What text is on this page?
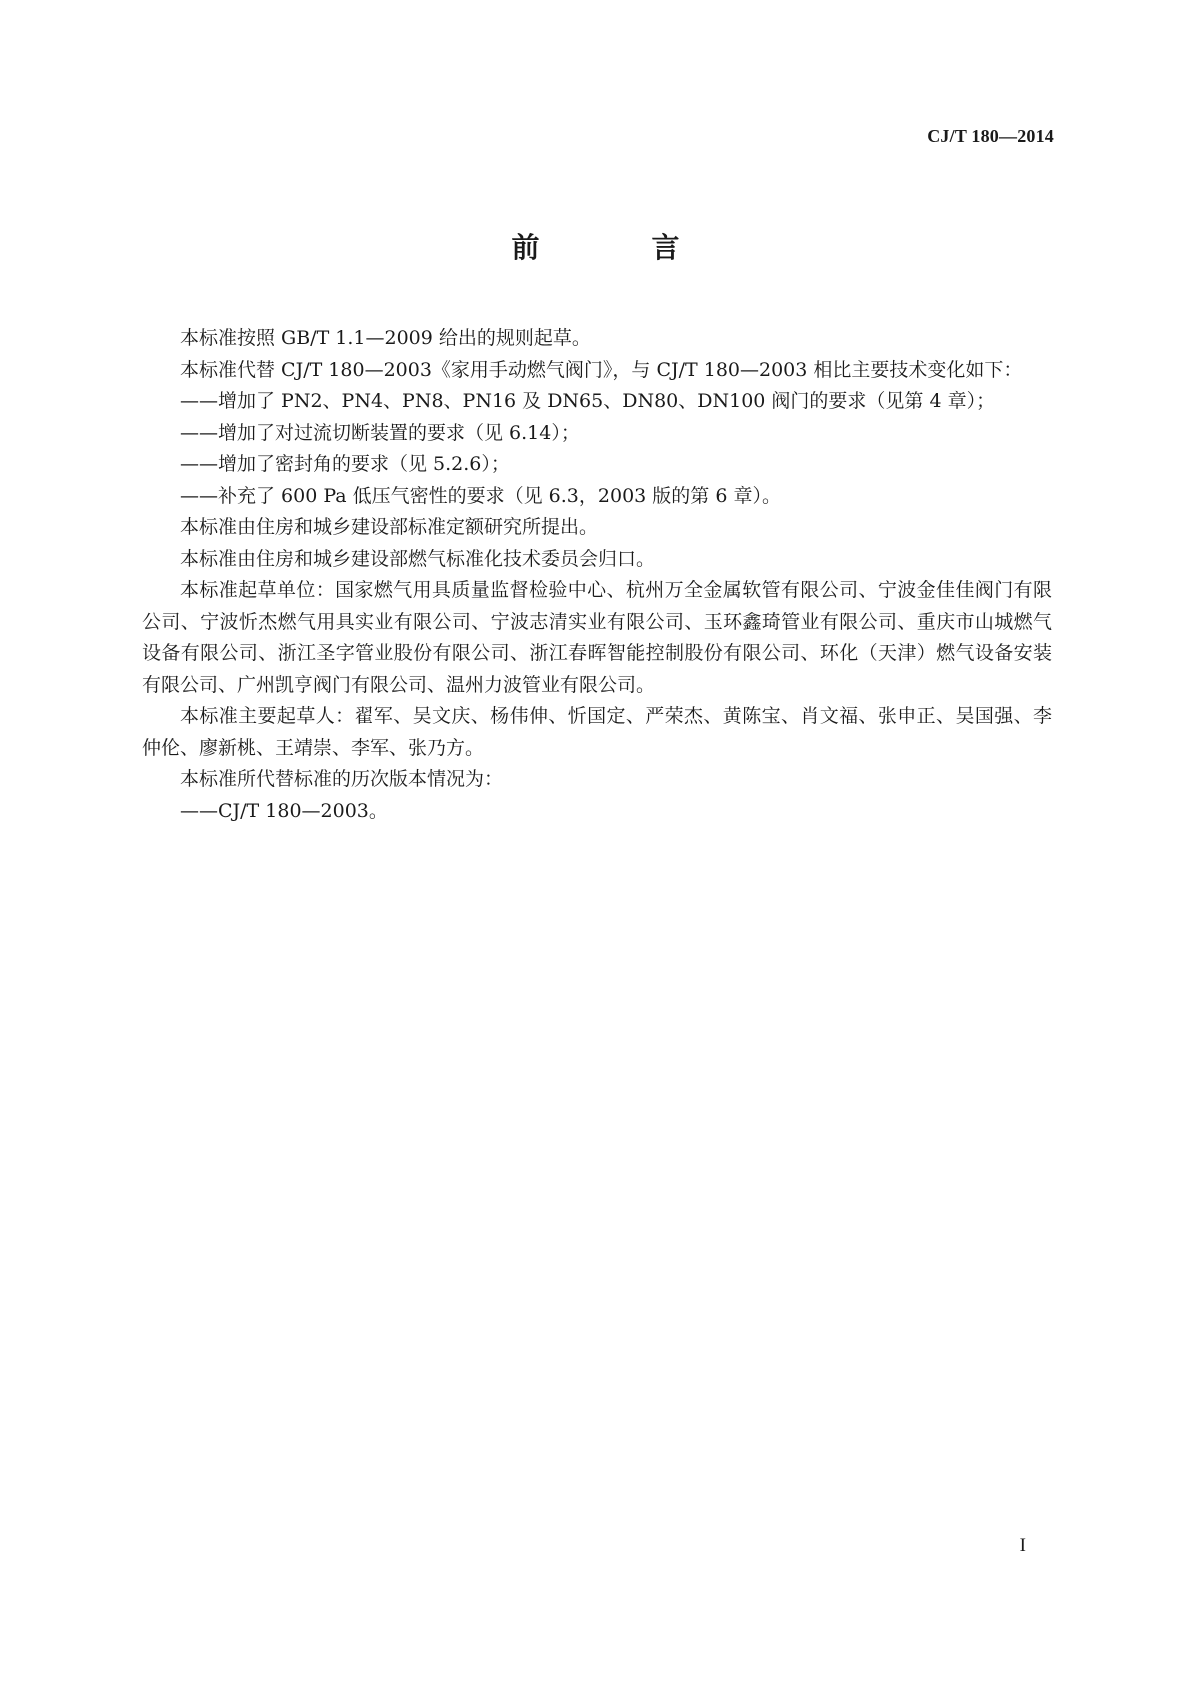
CJ/T 180—2014
前　言

本标准按照 GB/T 1.1—2009 给出的规则起草。

本标准代替 CJ/T 180—2003《家用手动燃气阀门》，与 CJ/T 180—2003 相比主要技术变化如下：

——增加了 PN2、PN4、PN8、PN16 及 DN65、DN80、DN100 阀门的要求（见第 4 章）；

——增加了对过流切断装置的要求（见 6.14）；

——增加了密封角的要求（见 5.2.6）；

——补充了 600 Pa 低压气密性的要求（见 6.3，2003 版的第 6 章）。

本标准由住房和城乡建设部标准定额研究所提出。

本标准由住房和城乡建设部燃气标准化技术委员会归口。

本标准起草单位：国家燃气用具质量监督检验中心、杭州万全金属软管有限公司、宁波金佳佳阀门有限公司、宁波忻杰燃气用具实业有限公司、宁波志清实业有限公司、玉环鑫琦管业有限公司、重庆市山城燃气设备有限公司、浙江圣字管业股份有限公司、浙江春晖智能控制股份有限公司、环化（天津）燃气设备安装有限公司、广州凯亨阀门有限公司、温州力波管业有限公司。

本标准主要起草人：翟军、吴文庆、杨伟伸、忻国定、严荣杰、黄陈宝、肖文福、张申正、吴国强、李仲伦、廖新桃、王靖崇、李军、张乃方。

本标准所代替标准的历次版本情况为：

——CJ/T 180—2003。

I
